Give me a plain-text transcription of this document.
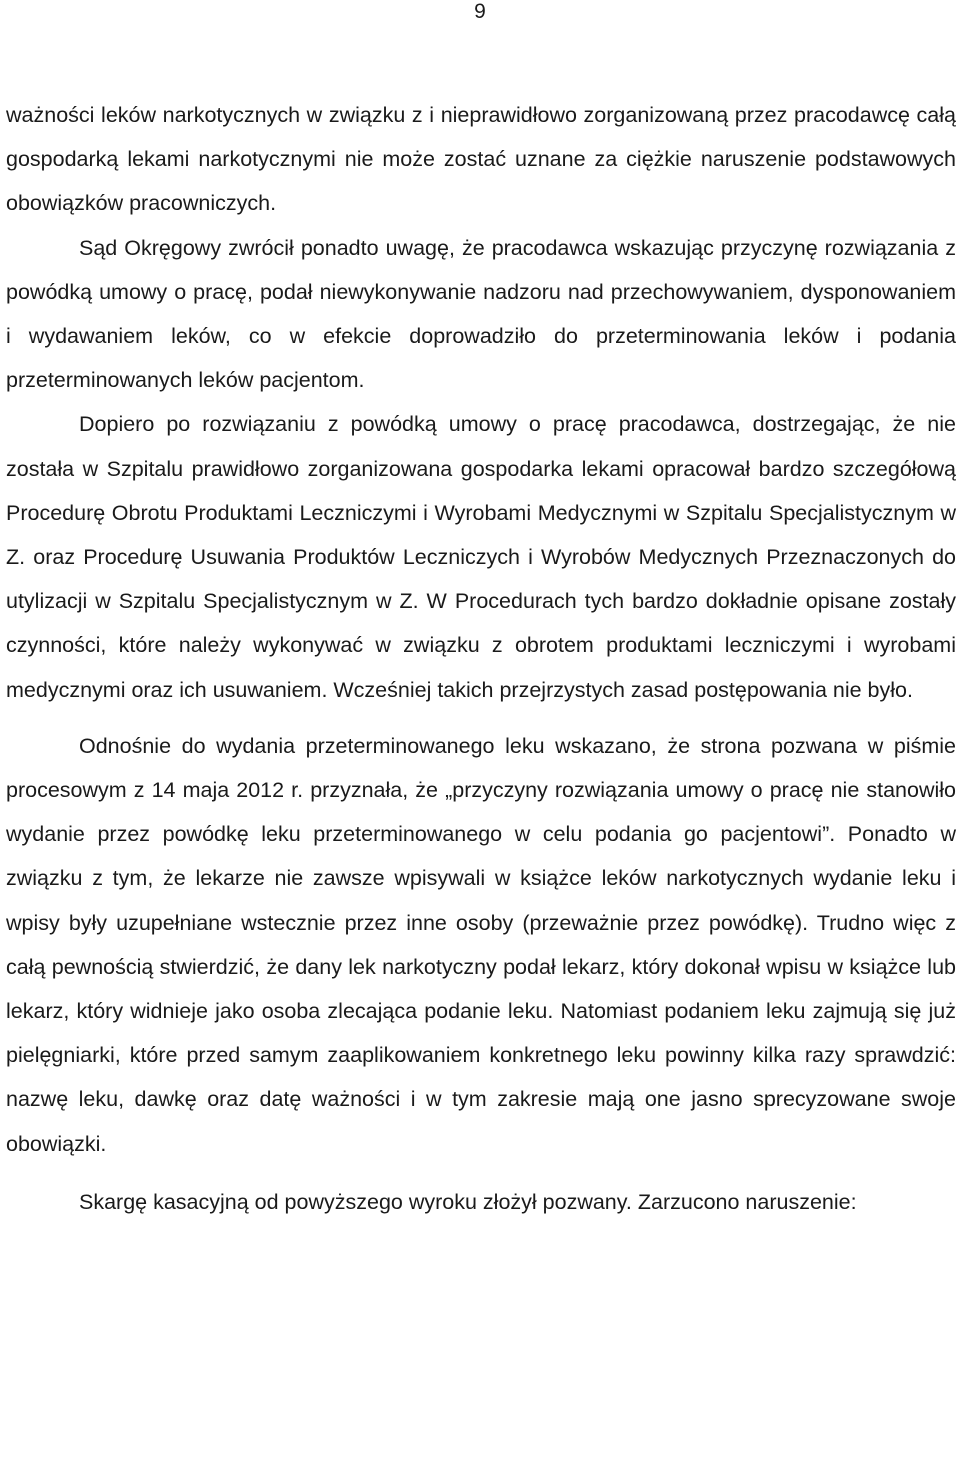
9

ważności leków narkotycznych w związku z i nieprawidłowo zorganizowaną przez pracodawcę całą gospodarką lekami narkotycznymi nie może zostać uznane za ciężkie naruszenie podstawowych obowiązków pracowniczych.

Sąd Okręgowy zwrócił ponadto uwagę, że pracodawca wskazując przyczynę rozwiązania z powódką umowy o pracę, podał niewykonywanie nadzoru nad przechowywaniem, dysponowaniem i wydawaniem leków, co w efekcie doprowadziło do przeterminowania leków i podania przeterminowanych leków pacjentom.

Dopiero po rozwiązaniu z powódką umowy o pracę pracodawca, dostrzegając, że nie została w Szpitalu prawidłowo zorganizowana gospodarka lekami opracował bardzo szczegółową Procedurę Obrotu Produktami Leczniczymi i Wyrobami Medycznymi w Szpitalu Specjalistycznym w Z. oraz Procedurę Usuwania Produktów Leczniczych i Wyrobów Medycznych Przeznaczonych do utylizacji w Szpitalu Specjalistycznym w Z. W Procedurach tych bardzo dokładnie opisane zostały czynności, które należy wykonywać w związku z obrotem produktami leczniczymi i wyrobami medycznymi oraz ich usuwaniem. Wcześniej takich przejrzystych zasad postępowania nie było.

Odnośnie do wydania przeterminowanego leku wskazano, że strona pozwana w piśmie procesowym z 14 maja 2012 r. przyznała, że „przyczyny rozwiązania umowy o pracę nie stanowiło wydanie przez powódkę leku przeterminowanego w celu podania go pacjentowi”. Ponadto w związku z tym, że lekarze nie zawsze wpisywali w książce leków narkotycznych wydanie leku i wpisy były uzupełniane wstecznie przez inne osoby (przeważnie przez powódkę). Trudno więc z całą pewnością stwierdzić, że dany lek narkotyczny podał lekarz, który dokonał wpisu w książce lub lekarz, który widnieje jako osoba zlecająca podanie leku. Natomiast podaniem leku zajmują się już pielęgniarki, które przed samym zaaplikowaniem konkretnego leku powinny kilka razy sprawdzić: nazwę leku, dawkę oraz datę ważności i w tym zakresie mają one jasno sprecyzowane swoje obowiązki.

Skargę kasacyjną od powyższego wyroku złożył pozwany. Zarzucono naruszenie:
